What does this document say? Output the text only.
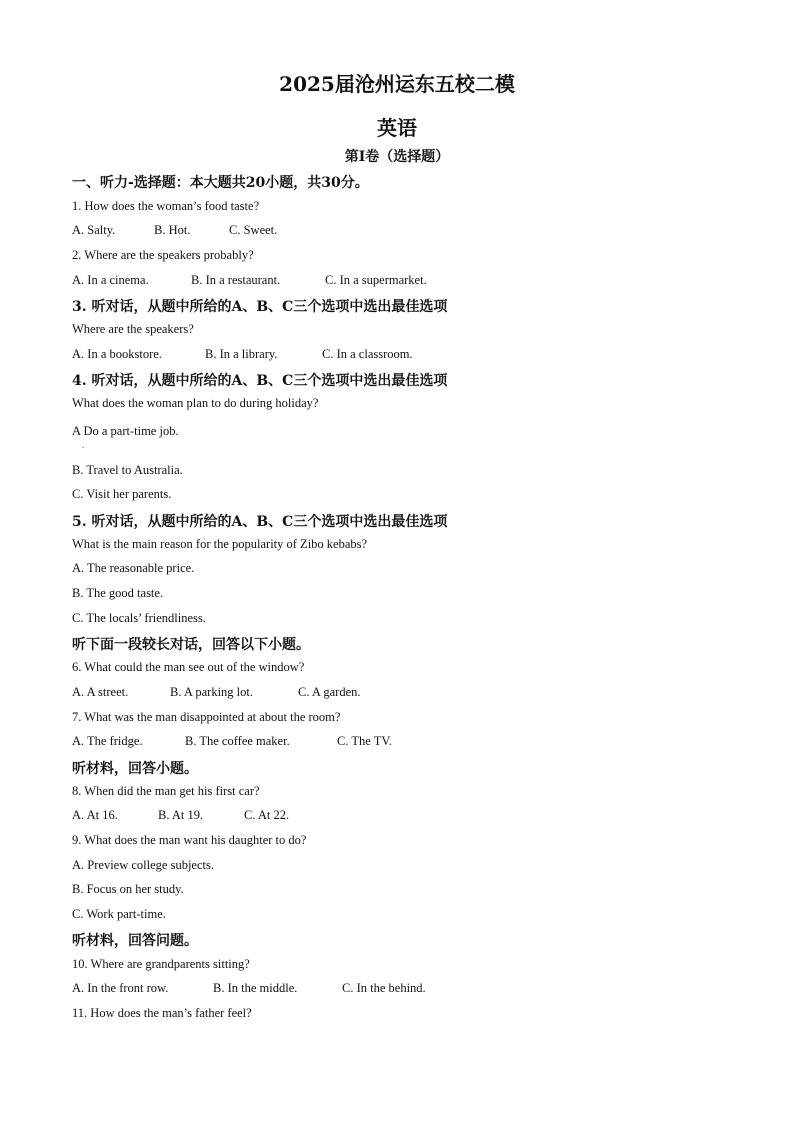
2025届沧州运东五校二模
英语
第I卷（选择题）
一、听力-选择题：本大题共20小题，共30分。
1. How does the woman’s food taste?
A. Salty.	B. Hot.	C. Sweet.
2. Where are the speakers probably?
A. In a cinema.	B. In a restaurant.	C. In a supermarket.
3. 听对话，从题中所给的A、B、C三个选项中选出最佳选项
Where are the speakers?
A. In a bookstore.	B. In a library.	C. In a classroom.
4. 听对话，从题中所给的A、B、C三个选项中选出最佳选项
What does the woman plan to do during holiday?
A Do a part-time job.
.
B. Travel to Australia.
C. Visit her parents.
5. 听对话，从题中所给的A、B、C三个选项中选出最佳选项
What is the main reason for the popularity of Zibo kebabs?
A. The reasonable price.
B. The good taste.
C. The locals’ friendliness.
听下面一段较长对话，回答以下小题。
6. What could the man see out of the window?
A. A street.	B. A parking lot.	C. A garden.
7. What was the man disappointed at about the room?
A. The fridge.	B. The coffee maker.	C. The TV.
听材料，回答小题。
8. When did the man get his first car?
A. At 16.	B. At 19.	C. At 22.
9. What does the man want his daughter to do?
A. Preview college subjects.
B. Focus on her study.
C. Work part-time.
听材料，回答问题。
10. Where are grandparents sitting?
A. In the front row.	B. In the middle.	C. In the behind.
11. How does the man’s father feel?
